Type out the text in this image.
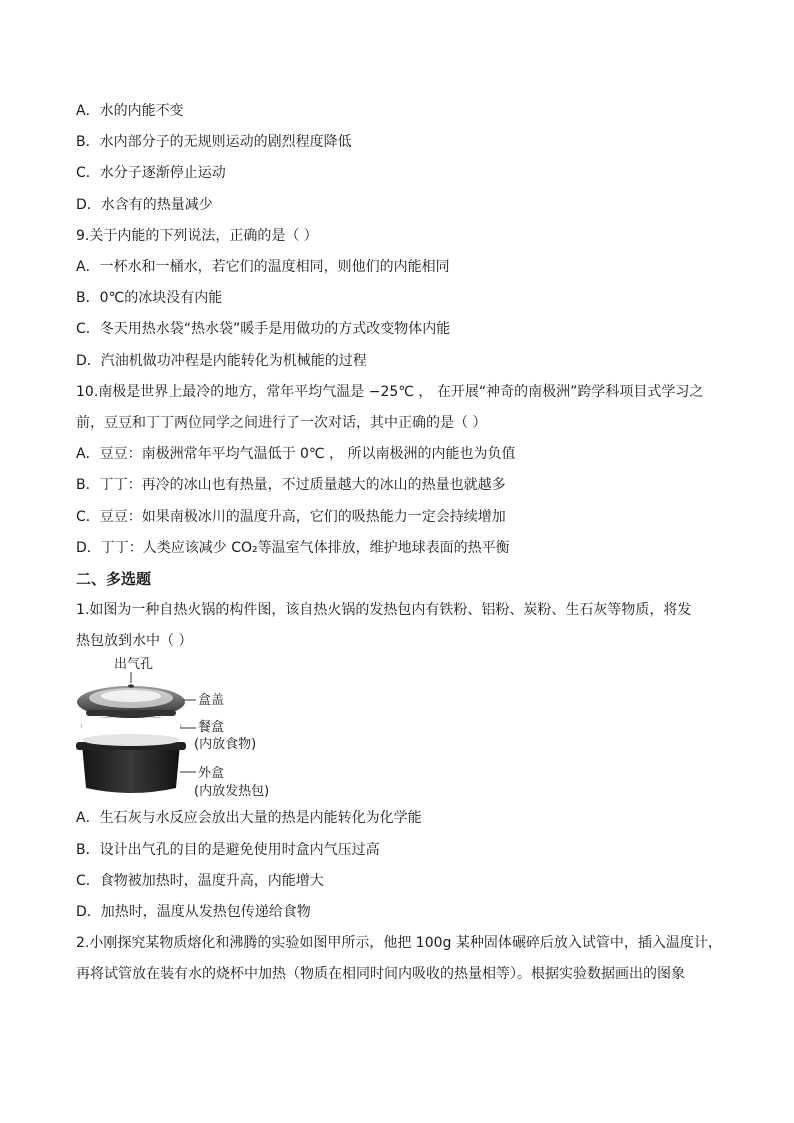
A．水的内能不变
B．水内部分子的无规则运动的剧烈程度降低
C．水分子逐渐停止运动
D．水含有的热量减少
9.关于内能的下列说法，正确的是（ ）
A．一杯水和一桶水，若它们的温度相同，则他们的内能相同
B．0℃的冰块没有内能
C．冬天用热水袋“热水袋”暖手是用做功的方式改变物体内能
D．汽油机做功冲程是内能转化为机械能的过程
10.南极是世界上最冷的地方，常年平均气温是 −25℃ ， 在开展“神奇的南极洲”跨学科项目式学习之
前，豆豆和丁丁两位同学之间进行了一次对话，其中正确的是（ ）
A．豆豆：南极洲常年平均气温低于 0℃ ， 所以南极洲的内能也为负值
B．丁丁：再冷的冰山也有热量，不过质量越大的冰山的热量也就越多
C．豆豆：如果南极冰川的温度升高，它们的吸热能力一定会持续增加
D．丁丁：人类应该减少 CO₂等温室气体排放，维护地球表面的热平衡
二、多选题
1.如图为一种自热火锅的构件图，该自热火锅的发热包内有铁粉、铝粉、炭粉、生石灰等物质，将发
热包放到水中（ ）
出气孔
盒盖
餐盒
(内放食物)
外盒
(内放发热包)
A．生石灰与水反应会放出大量的热是内能转化为化学能
B．设计出气孔的目的是避免使用时盒内气压过高
C．食物被加热时，温度升高，内能增大
D．加热时，温度从发热包传递给食物
2.小刚探究某物质熔化和沸腾的实验如图甲所示，他把 100g 某种固体碾碎后放入试管中，插入温度计，
再将试管放在装有水的烧杯中加热（物质在相同时间内吸收的热量相等）。根据实验数据画出的图象
